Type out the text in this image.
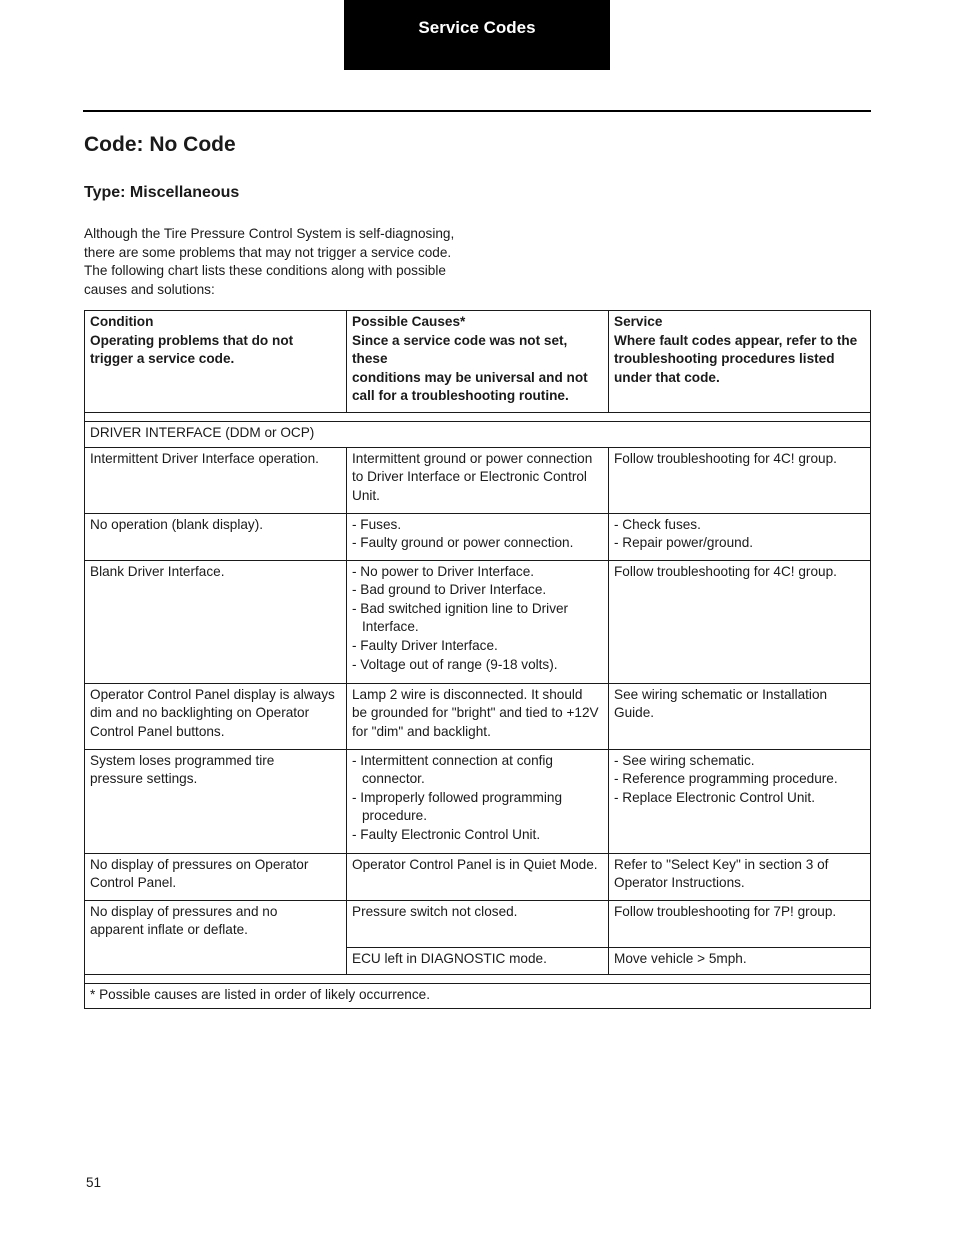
Service Codes
Code: No Code
Type: Miscellaneous

Although the Tire Pressure Control System is self-diagnosing,
there are some problems that may not trigger a service code.
The following chart lists these conditions along with possible
causes and solutions:

Condition
Operating problems that do not
trigger a service code.	Possible Causes*
Since a service code was not set, these
conditions may be universal and not
call for a troubleshooting routine.	Service
Where fault codes appear, refer to the
troubleshooting procedures listed
under that code.

DRIVER INTERFACE (DDM or OCP)		

Intermittent Driver Interface operation.	Intermittent ground or power connection
to Driver Interface or Electronic Control
Unit.	Follow troubleshooting for 4C! group.

No operation (blank display).	- Fuses.
- Faulty ground or power connection.	- Check fuses.
- Repair power/ground.

Blank Driver Interface.	- No power to Driver Interface.
- Bad ground to Driver Interface.
- Bad switched ignition line to Driver Interface.
- Faulty Driver Interface.
- Voltage out of range (9-18 volts).	Follow troubleshooting for 4C! group.

Operator Control Panel display is always
dim and no backlighting on Operator
Control Panel buttons.	Lamp 2 wire is disconnected. It should
be grounded for "bright" and tied to +12V
for "dim" and backlight.	See wiring schematic or Installation
Guide.

System loses programmed tire
pressure settings.	- Intermittent connection at config connector.
- Improperly followed programming procedure.
- Faulty Electronic Control Unit.	- See wiring schematic.
- Reference programming procedure.
- Replace Electronic Control Unit.

No display of pressures on Operator
Control Panel.	Operator Control Panel is in Quiet Mode.	Refer to "Select Key" in section 3 of
Operator Instructions.

No display of pressures and no
apparent inflate or deflate.	Pressure switch not closed.	Follow troubleshooting for 7P! group.

	ECU left in DIAGNOSTIC mode.	Move vehicle > 5mph.

* Possible causes are listed in order of likely occurrence.		
51
